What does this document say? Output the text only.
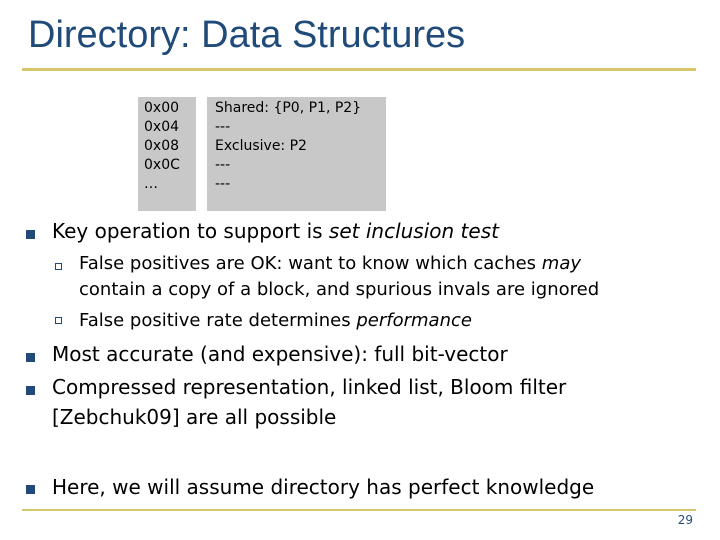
Directory: Data Structures
0x00
0x04
0x08
0x0C
…
Shared: {P0, P1, P2}
---
Exclusive: P2
---
---
Key operation to support is set inclusion test
False positives are OK: want to know which caches may
contain a copy of a block, and spurious invals are ignored
False positive rate determines performance
Most accurate (and expensive): full bit-vector
Compressed representation, linked list, Bloom filter
[Zebchuk09] are all possible
Here, we will assume directory has perfect knowledge
29
